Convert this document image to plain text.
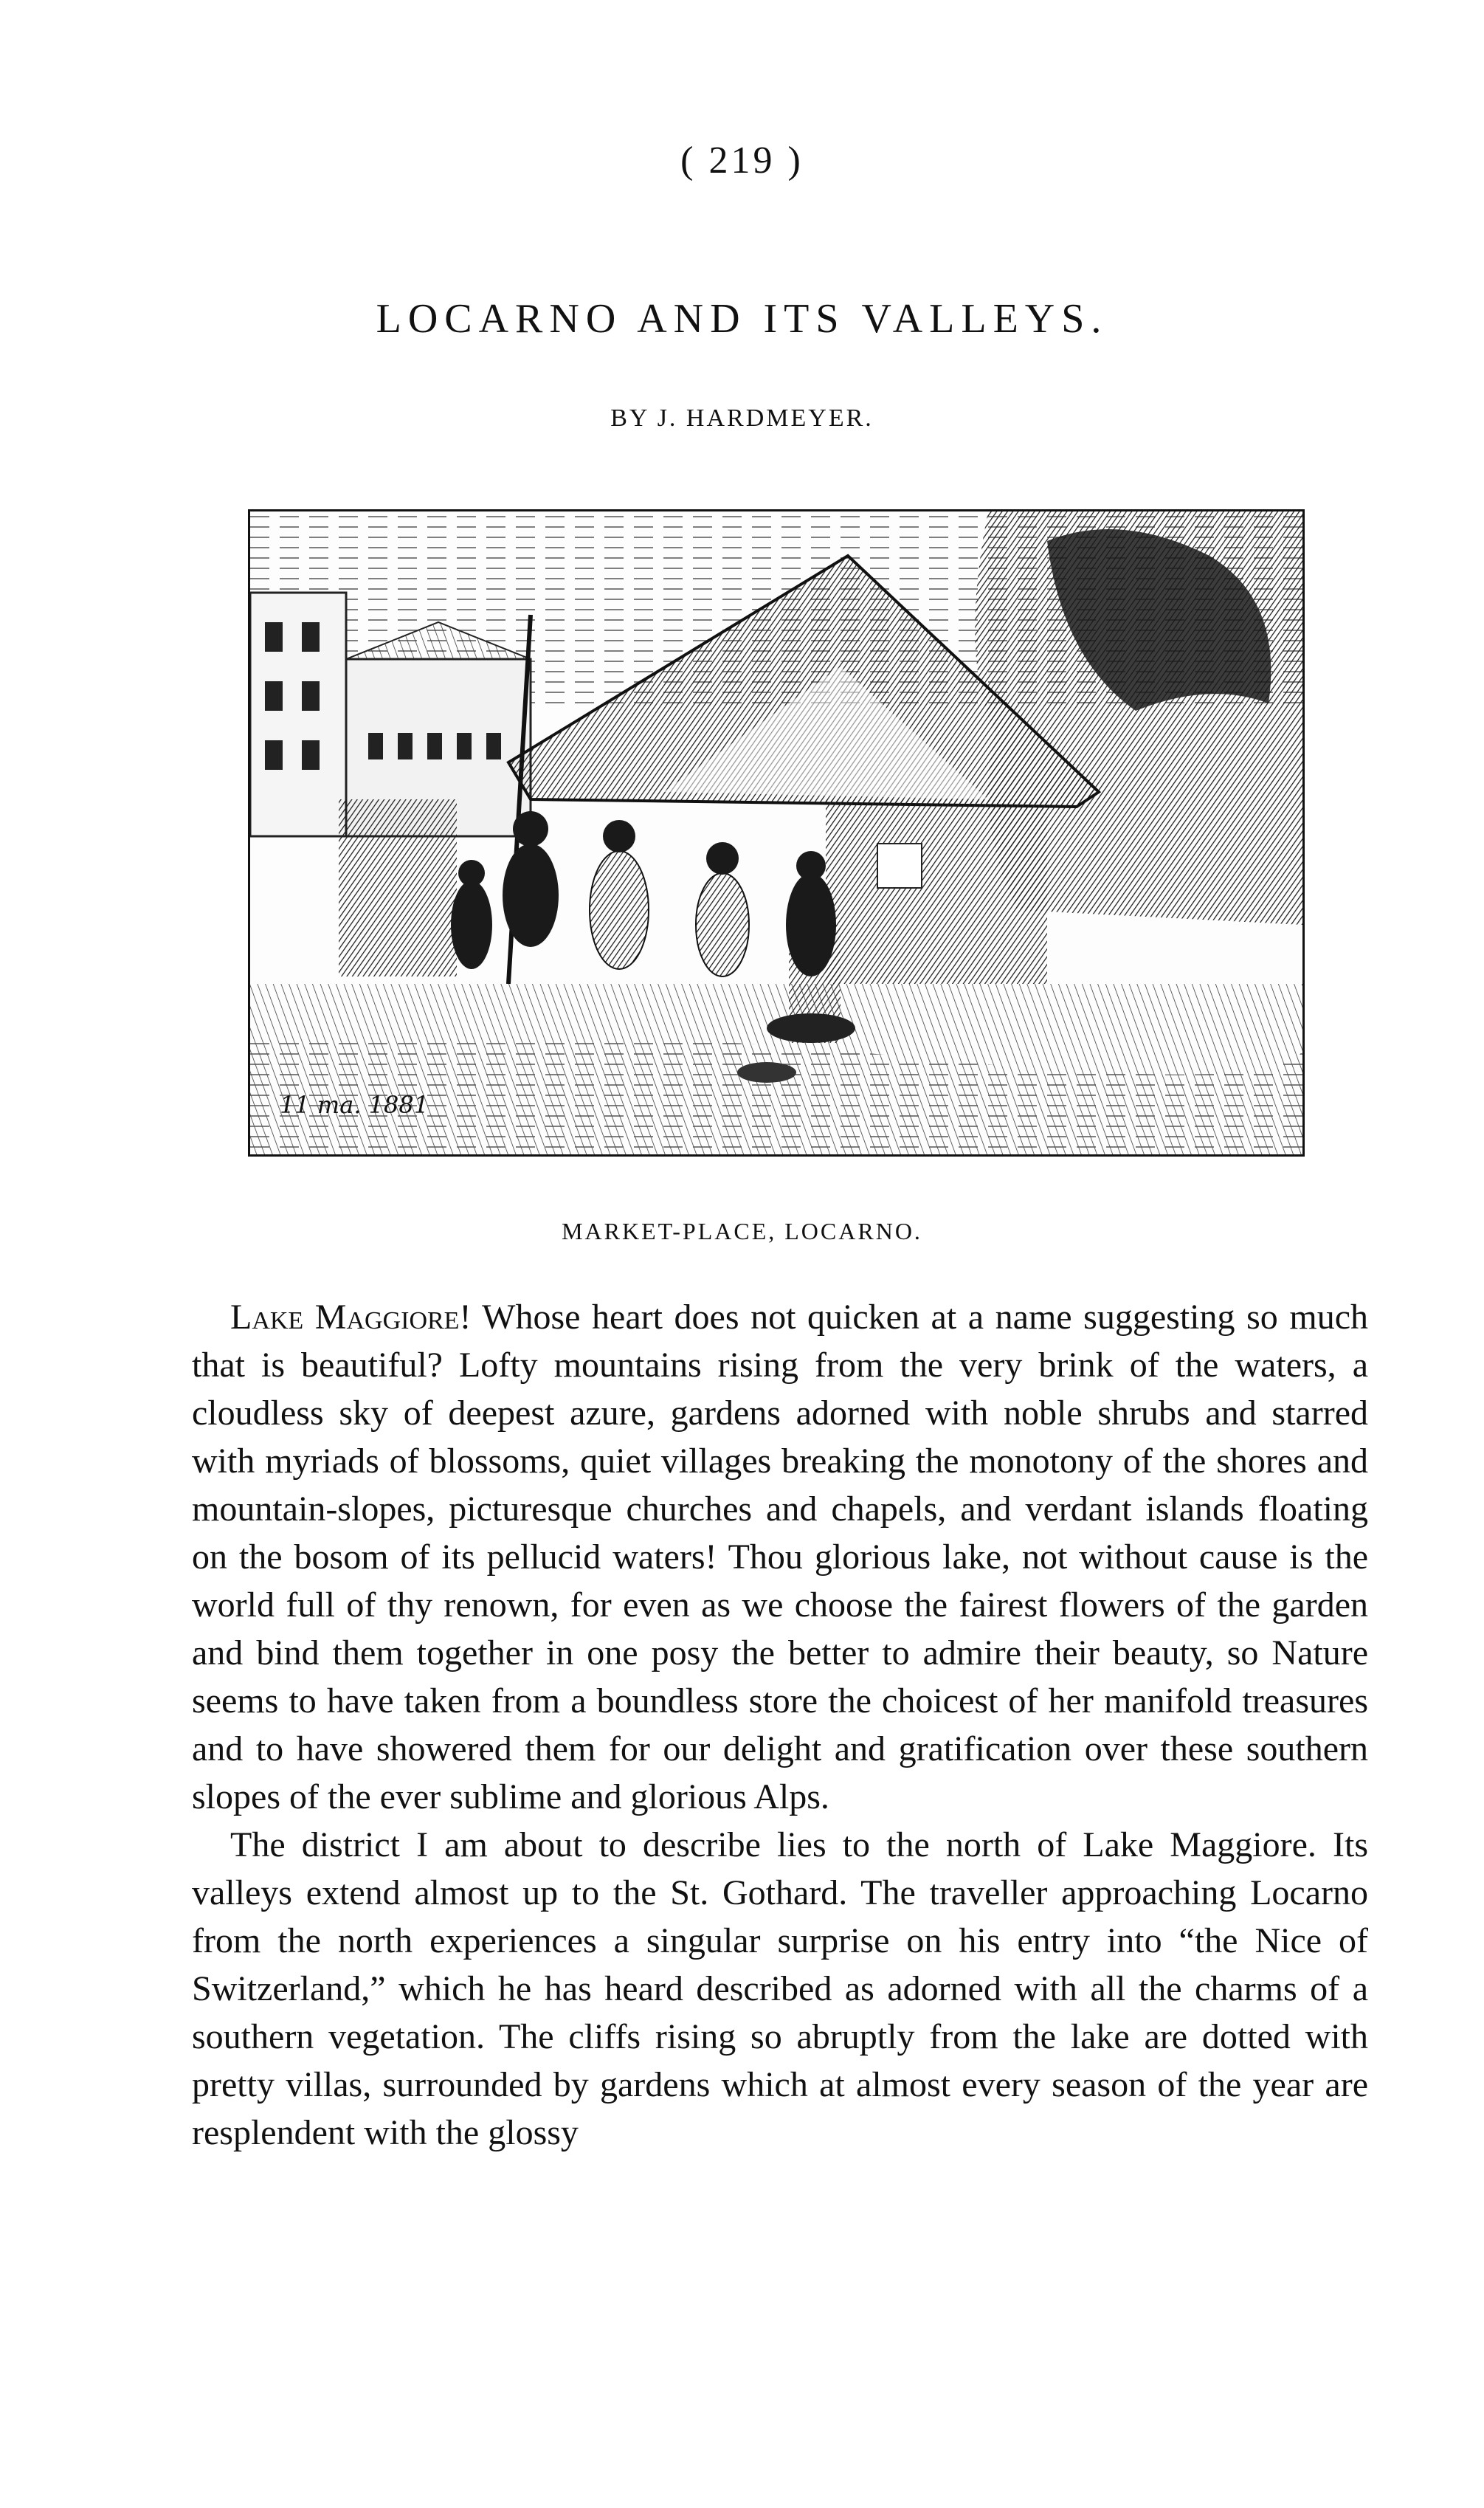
( 219 )
LOCARNO AND ITS VALLEYS.
BY J. HARDMEYER.
11 ma. 1881
MARKET-PLACE, LOCARNO.

Lake Maggiore! Whose heart does not quicken at a name suggesting so much that is beautiful? Lofty mountains rising from the very brink of the waters, a cloudless sky of deepest azure, gardens adorned with noble shrubs and starred with myriads of blossoms, quiet villages breaking the monotony of the shores and mountain-slopes, picturesque churches and chapels, and verdant islands floating on the bosom of its pellucid waters! Thou glorious lake, not without cause is the world full of thy renown, for even as we choose the fairest flowers of the garden and bind them together in one posy the better to admire their beauty, so Nature seems to have taken from a boundless store the choicest of her manifold treasures and to have showered them for our delight and gratification over these southern slopes of the ever sublime and glorious Alps.

The district I am about to describe lies to the north of Lake Maggiore. Its valleys extend almost up to the St. Gothard. The traveller approaching Locarno from the north experiences a singular surprise on his entry into “the Nice of Switzerland,” which he has heard described as adorned with all the charms of a southern vegetation. The cliffs rising so abruptly from the lake are dotted with pretty villas, surrounded by gardens which at almost every season of the year are resplendent with the glossy
